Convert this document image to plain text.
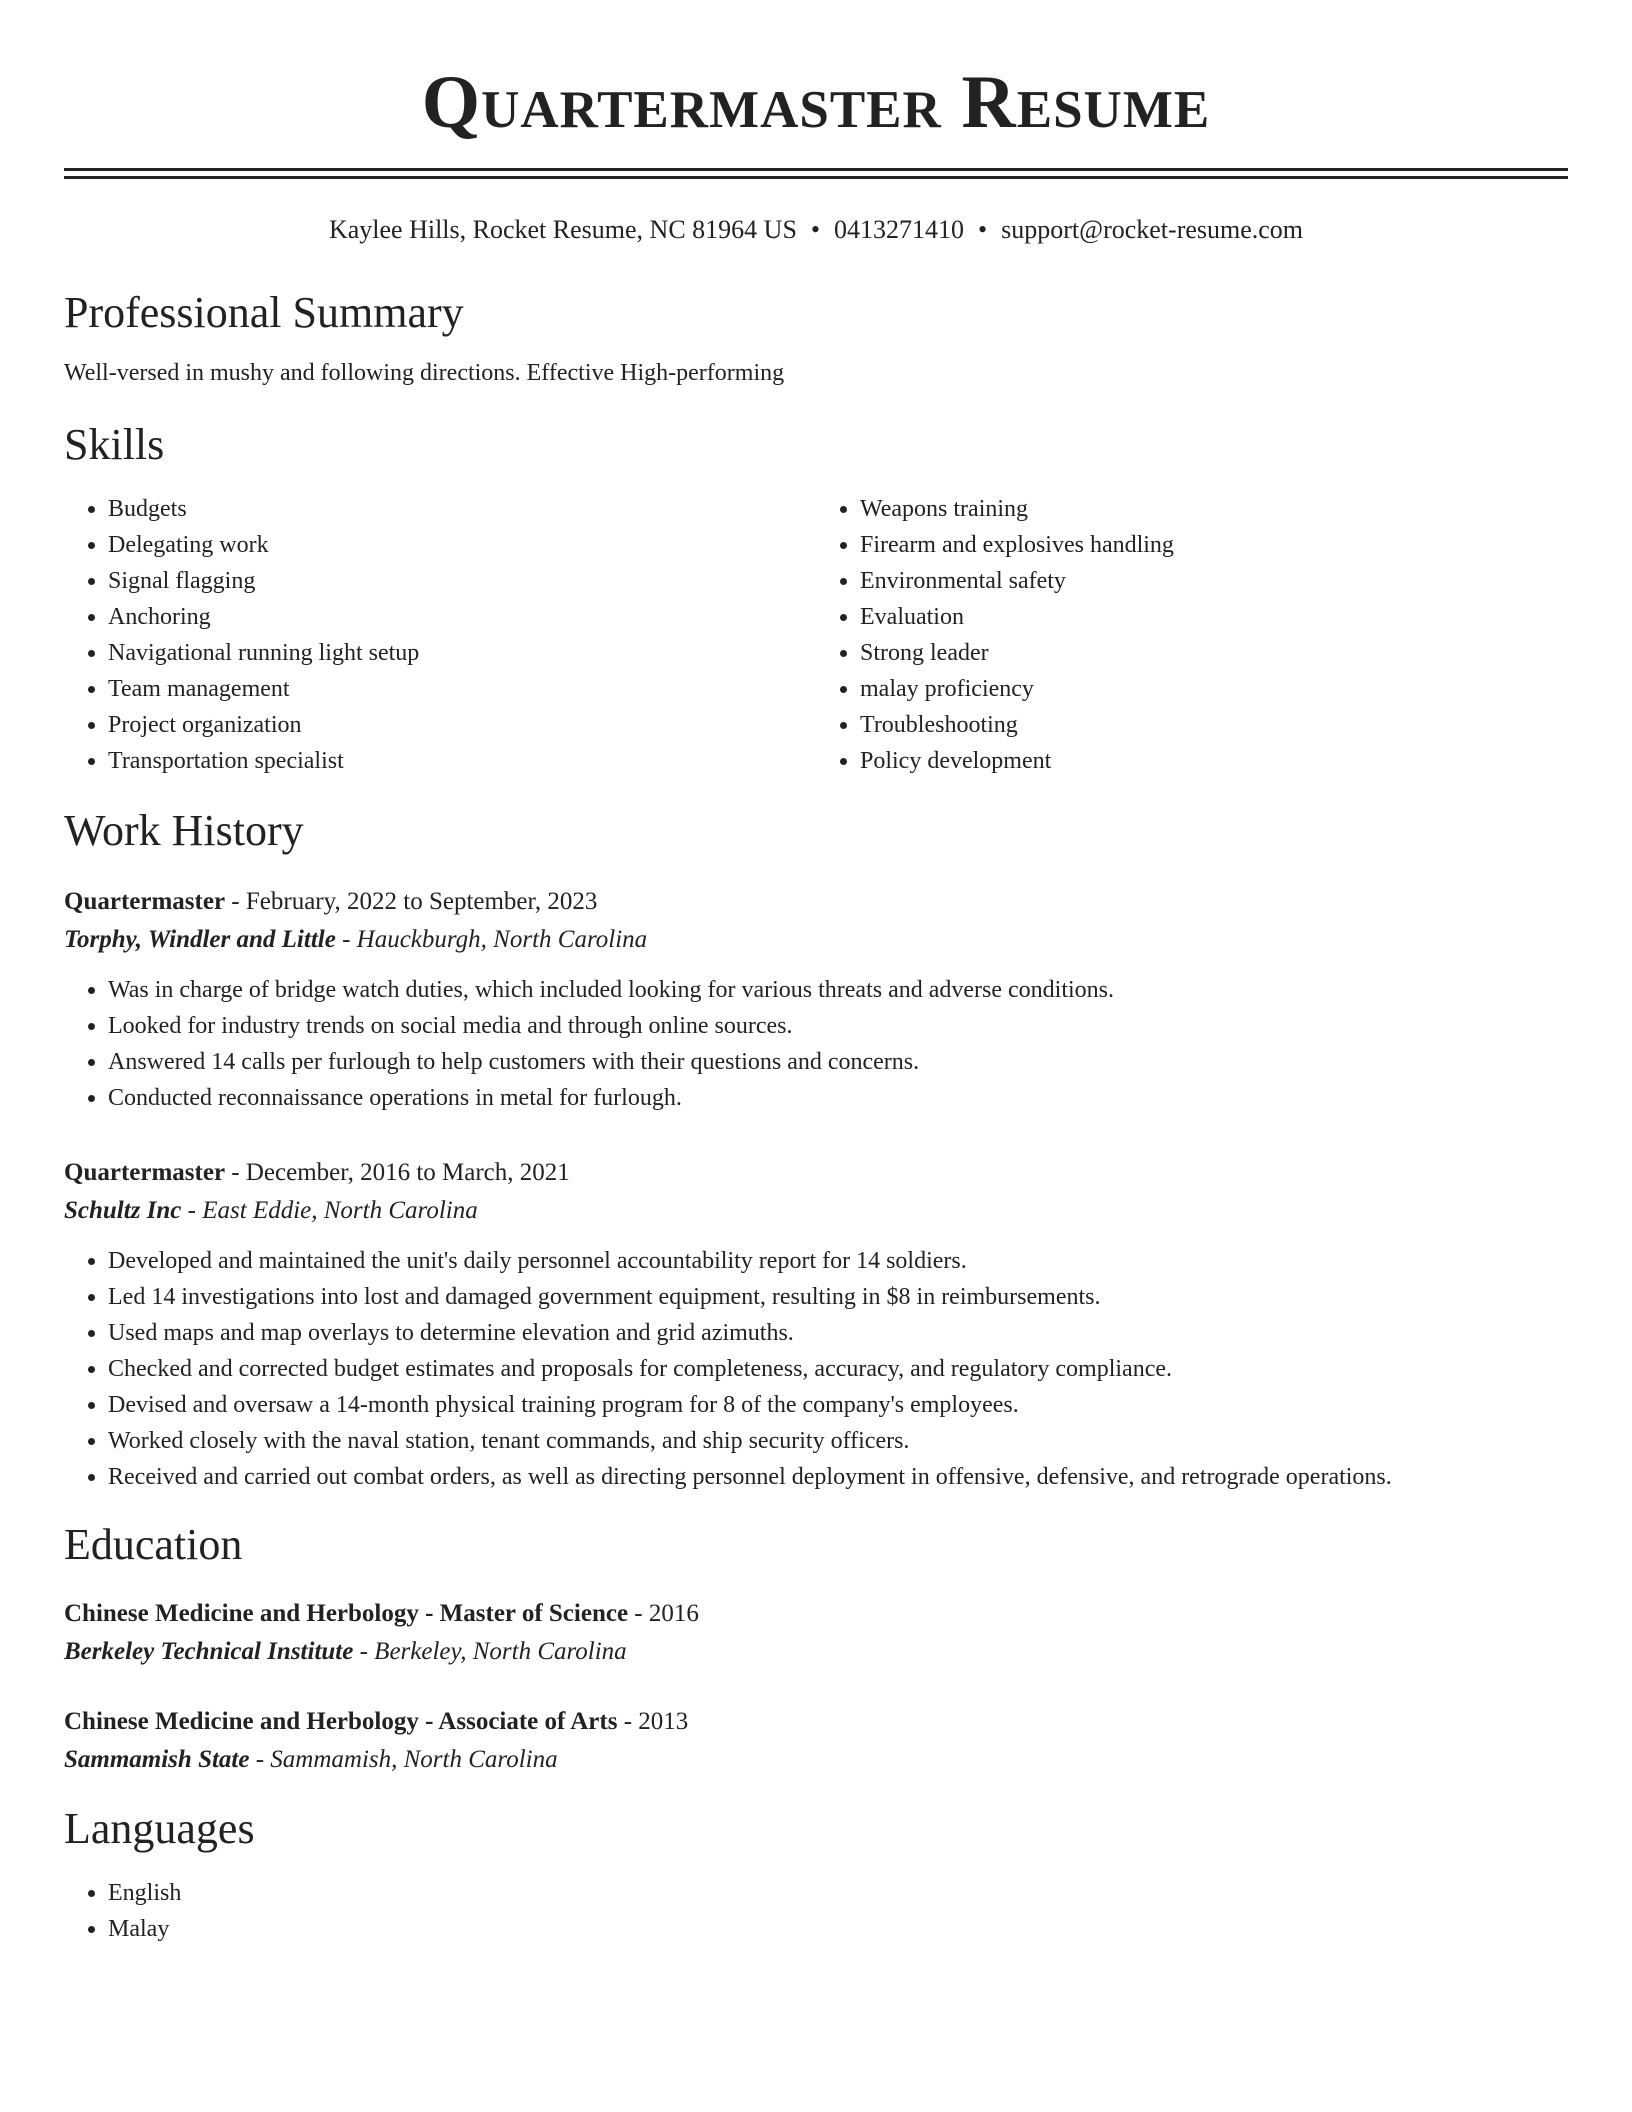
Quartermaster Resume
Kaylee Hills, Rocket Resume, NC 81964 US • 0413271410 • support@rocket-resume.com
Professional Summary

Well-versed in mushy and following directions. Effective High-performing

Skills
• Budgets
• Delegating work
• Signal flagging
• Anchoring
• Navigational running light setup
• Team management
• Project organization
• Transportation specialist
• Weapons training
• Firearm and explosives handling
• Environmental safety
• Evaluation
• Strong leader
• malay proficiency
• Troubleshooting
• Policy development
Work History
Quartermaster - February, 2022 to September, 2023
Torphy, Windler and Little - Hauckburgh, North Carolina
• Was in charge of bridge watch duties, which included looking for various threats and adverse conditions.
• Looked for industry trends on social media and through online sources.
• Answered 14 calls per furlough to help customers with their questions and concerns.
• Conducted reconnaissance operations in metal for furlough.
Quartermaster - December, 2016 to March, 2021
Schultz Inc - East Eddie, North Carolina
• Developed and maintained the unit's daily personnel accountability report for 14 soldiers.
• Led 14 investigations into lost and damaged government equipment, resulting in $8 in reimbursements.
• Used maps and map overlays to determine elevation and grid azimuths.
• Checked and corrected budget estimates and proposals for completeness, accuracy, and regulatory compliance.
• Devised and oversaw a 14-month physical training program for 8 of the company's employees.
• Worked closely with the naval station, tenant commands, and ship security officers.
• Received and carried out combat orders, as well as directing personnel deployment in offensive, defensive, and retrograde operations.
Education
Chinese Medicine and Herbology - Master of Science - 2016
Berkeley Technical Institute - Berkeley, North Carolina
Chinese Medicine and Herbology - Associate of Arts - 2013
Sammamish State - Sammamish, North Carolina
Languages
• English
• Malay
